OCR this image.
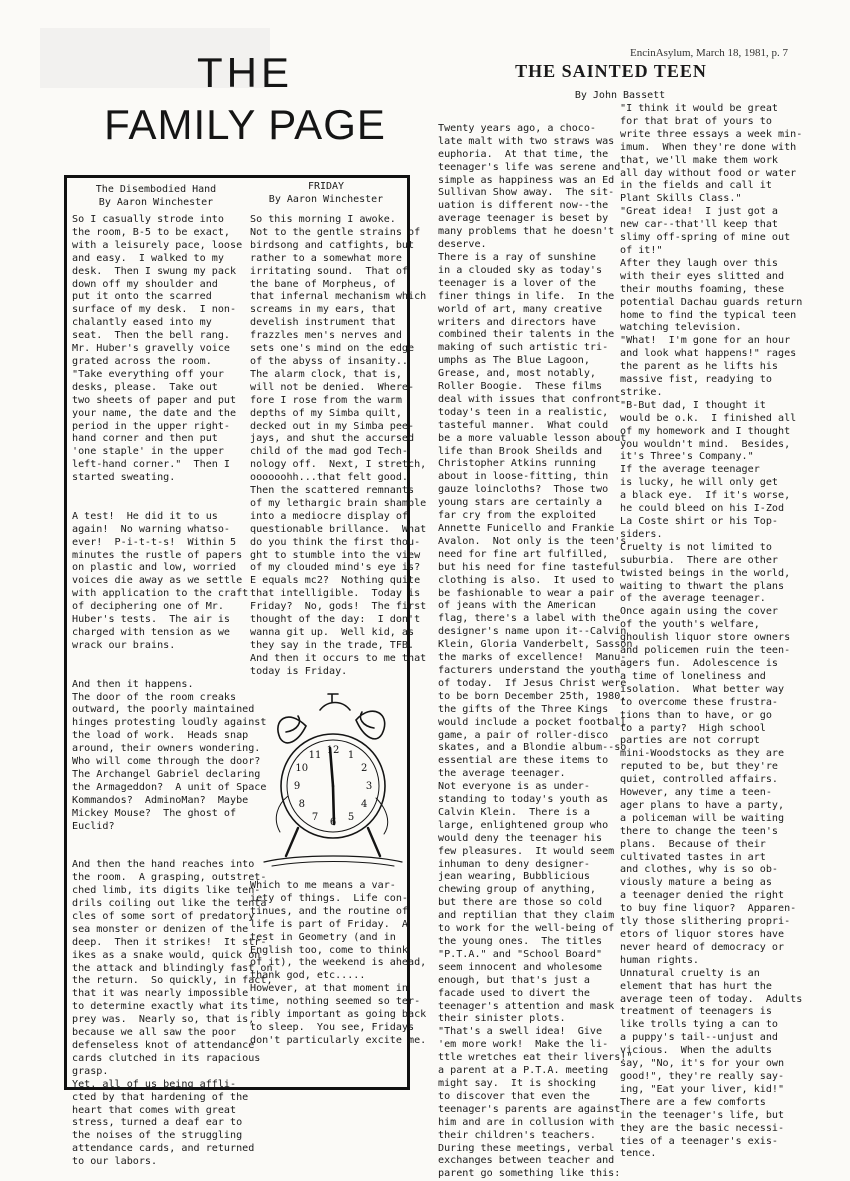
THE
FAMILY PAGE
EncinAsylum, March 18, 1981, p. 7
THE SAINTED TEEN
By John Bassett
The Disembodied Hand
By Aaron Winchester
So I casually strode into
the room, B-5 to be exact,
with a leisurely pace, loose
and easy.  I walked to my
desk.  Then I swung my pack
down off my shoulder and
put it onto the scarred
surface of my desk.  I non-
chalantly eased into my
seat.  Then the bell rang.
Mr. Huber's gravelly voice
grated across the room.
"Take everything off your
desks, please.  Take out
two sheets of paper and put
your name, the date and the
period in the upper right-
hand corner and then put
'one staple' in the upper
left-hand corner."  Then I
started sweating.

A test!  He did it to us
again!  No warning whatso-
ever!  P-i-t-t-s!  Within 5
minutes the rustle of papers
on plastic and low, worried
voices die away as we settle
with application to the craft
of deciphering one of Mr.
Huber's tests.  The air is
charged with tension as we
wrack our brains.

And then it happens.
The door of the room creaks
outward, the poorly maintained
hinges protesting loudly against
the load of work.  Heads snap
around, their owners wondering.
Who will come through the door?
The Archangel Gabriel declaring
the Armageddon?  A unit of Space
Kommandos?  AdminoMan?  Maybe
Mickey Mouse?  The ghost of
Euclid?

And then the hand reaches into
the room.  A grasping, outstret-
ched limb, its digits like ten-
drils coiling out like the tenta
cles of some sort of predatory
sea monster or denizen of the
deep.  Then it strikes!  It str-
ikes as a snake would, quick on
the attack and blindingly fast on
the return.  So quickly, in fact,
that it was nearly impossible
to determine exactly what its
prey was.  Nearly so, that is,
because we all saw the poor
defenseless knot of attendance
cards clutched in its rapacious
grasp.
Yet, all of us being affli-
cted by that hardening of the
heart that comes with great
stress, turned a deaf ear to
the noises of the struggling
attendance cards, and returned
to our labors.
FRIDAY
By Aaron Winchester
So this morning I awoke.
Not to the gentle strains of
birdsong and catfights, but
rather to a somewhat more
irritating sound.  That of
the bane of Morpheus, of
that infernal mechanism which
screams in my ears, that
develish instrument that
frazzles men's nerves and
sets one's mind on the edge
of the abyss of insanity..
The alarm clock, that is,
will not be denied.  Where-
fore I rose from the warm
depths of my Simba quilt,
decked out in my Simba pee-
jays, and shut the accursed
child of the mad god Tech-
nology off.  Next, I stretch,
oooooohh...that felt good.
Then the scattered remnants
of my lethargic brain shamble
into a mediocre display of
questionable brillance.  What
do you think the first thou-
ght to stumble into the view
of my clouded mind's eye is?
E equals mc2?  Nothing quite
that intelligible.  Today is
Friday?  No, gods!  The first
thought of the day:  I don't
wanna git up.  Well kid, as
they say in the trade, TFB.
And then it occurs to me that
today is Friday.
Which to me means a var-
iety of things.  Life con-
tinues, and the routine of
life is part of Friday.  A
test in Geometry (and in
English too, come to think
of it), the weekend is ahead,
thank god, etc.....
However, at that moment in
time, nothing seemed so ter-
ribly important as going back
to sleep.  You see, Fridays
don't particularly excite me.

Twenty years ago, a choco-
late malt with two straws was
euphoria.  At that time, the
teenager's life was serene and
simple as happiness was an Ed
Sullivan Show away.  The sit-
uation is different now--the
average teenager is beset by
many problems that he doesn't
deserve.
There is a ray of sunshine
in a clouded sky as today's
teenager is a lover of the
finer things in life.  In the
world of art, many creative
writers and directors have
combined their talents in the
making of such artistic tri-
umphs as The Blue Lagoon,
Grease, and, most notably,
Roller Boogie.  These films
deal with issues that confront
today's teen in a realistic,
tasteful manner.  What could
be a more valuable lesson about
life than Brook Sheilds and
Christopher Atkins running
about in loose-fitting, thin
gauze loincloths?  Those two
young stars are certainly a
far cry from the exploited
Annette Funicello and Frankie
Avalon.  Not only is the teen's
need for fine art fulfilled,
but his need for fine tasteful
clothing is also.  It used to
be fashionable to wear a pair
of jeans with the American
flag, there's a label with the
designer's name upon it--Calvin
Klein, Gloria Vanderbelt, Sasson
the marks of excellence!  Manu-
facturers understand the youth
of today.  If Jesus Christ were
to be born December 25th, 1980,
the gifts of the Three Kings
would include a pocket football
game, a pair of roller-disco
skates, and a Blondie album--so
essential are these items to
the average teenager.
Not everyone is as under-
standing to today's youth as
Calvin Klein.  There is a
large, enlightened group who
would deny the teenager his
few pleasures.  It would seem
inhuman to deny designer-
jean wearing, Bubblicious
chewing group of anything,
but there are those so cold
and reptilian that they claim
to work for the well-being of
the young ones.  The titles
"P.T.A." and "School Board"
seem innocent and wholesome
enough, but that's just a
facade used to divert the
teenager's attention and mask
their sinister plots.
"That's a swell idea!  Give
'em more work!  Make the li-
ttle wretches eat their livers!"
a parent at a P.T.A. meeting
might say.  It is shocking
to discover that even the
teenager's parents are against
him and are in collusion with
their children's teachers.
During these meetings, verbal
exchanges between teacher and
parent go something like this:
"I think it would be great
for that brat of yours to
write three essays a week min-
imum.  When they're done with
that, we'll make them work
all day without food or water
in the fields and call it
Plant Skills Class."
"Great idea!  I just got a
new car--that'll keep that
slimy off-spring of mine out
of it!"
After they laugh over this
with their eyes slitted and
their mouths foaming, these
potential Dachau guards return
home to find the typical teen
watching television.
"What!  I'm gone for an hour
and look what happens!" rages
the parent as he lifts his
massive fist, readying to
strike.
"B-But dad, I thought it
would be o.k.  I finished all
of my homework and I thought
you wouldn't mind.  Besides,
it's Three's Company."
If the average teenager
is lucky, he will only get
a black eye.  If it's worse,
he could bleed on his I-Zod
La Coste shirt or his Top-
siders.
Cruelty is not limited to
suburbia.  There are other
twisted beings in the world,
waiting to thwart the plans
of the average teenager.
Once again using the cover
of the youth's welfare,
ghoulish liquor store owners
and policemen ruin the teen-
agers fun.  Adolescence is
a time of loneliness and
isolation.  What better way
to overcome these frustra-
tions than to have, or go
to a party?  High school
parties are not corrupt
mini-Woodstocks as they are
reputed to be, but they're
quiet, controlled affairs.
However, any time a teen-
ager plans to have a party,
a policeman will be waiting
there to change the teen's
plans.  Because of their
cultivated tastes in art
and clothes, why is so ob-
viously mature a being as
a teenager denied the right
to buy fine liquor?  Apparen-
tly those slithering propri-
etors of liquor stores have
never heard of democracy or
human rights.
Unnatural cruelty is an
element that has hurt the
average teen of today.  Adults
treatment of teenagers is
like trolls tying a can to
a puppy's tail--unjust and
vicious.  When the adults
say, "No, it's for your own
good!", they're really say-
ing, "Eat your liver, kid!"
There are a few comforts
in the teenager's life, but
they are the basic necessi-
ties of a teenager's exis-
tence.
10
11 12 1
2
3
4
5
6
7
8
9
